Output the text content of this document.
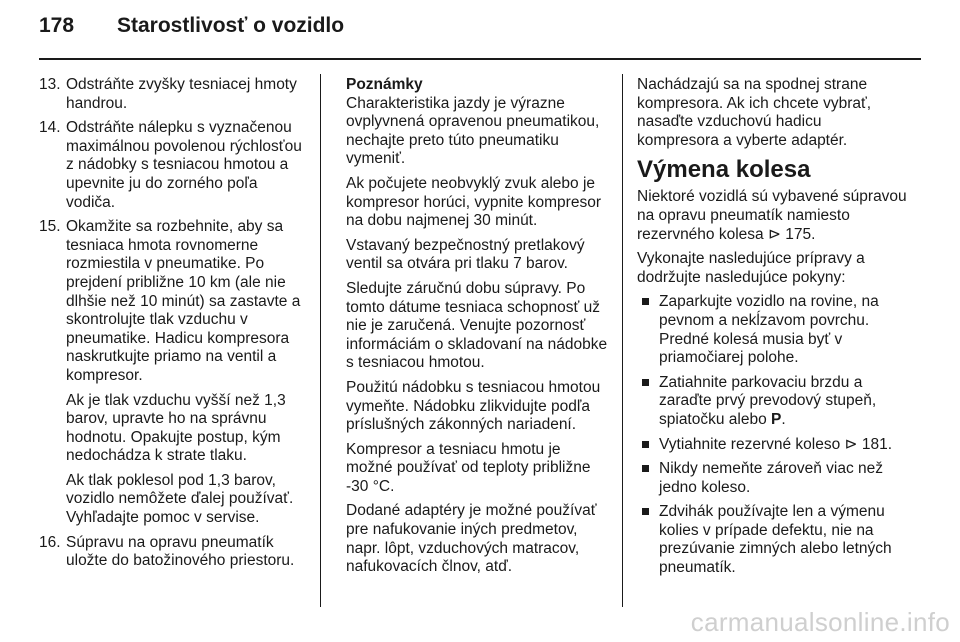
178	Starostlivosť o vozidlo
13. Odstráňte zvyšky tesniacej hmoty handrou.
14. Odstráňte nálepku s vyznačenou maximálnou povolenou rýchlosťou z nádobky s tesniacou hmotou a upevnite ju do zorného poľa vodiča.
15. Okamžite sa rozbehnite, aby sa tesniaca hmota rovnomerne rozmiestila v pneumatike. Po prejdení približne 10 km (ale nie dlhšie než 10 minút) sa zastavte a skontrolujte tlak vzduchu v pneumatike. Hadicu kompresora naskrutkujte priamo na ventil a kompresor.

Ak je tlak vzduchu vyšší než 1,3 barov, upravte ho na správnu hodnotu. Opakujte postup, kým nedochádza k strate tlaku.

Ak tlak poklesol pod 1,3 barov, vozidlo nemôžete ďalej používať. Vyhľadajte pomoc v servise.

16. Súpravu na opravu pneumatík uložte do batožinového priestoru.
Poznámky

Charakteristika jazdy je výrazne ovplyvnená opravenou pneumatikou, nechajte preto túto pneumatiku vymeniť.

Ak počujete neobvyklý zvuk alebo je kompresor horúci, vypnite kompresor na dobu najmenej 30 minút.

Vstavaný bezpečnostný pretlakový ventil sa otvára pri tlaku 7 barov.

Sledujte záručnú dobu súpravy. Po tomto dátume tesniaca schopnosť už nie je zaručená. Venujte pozornosť informáciám o skladovaní na nádobke s tesniacou hmotou.

Použitú nádobku s tesniacou hmotou vymeňte. Nádobku zlikvidujte podľa príslušných zákonných nariadení.

Kompresor a tesniacu hmotu je možné používať od teploty približne -30 °C.

Dodané adaptéry je možné používať pre nafukovanie iných predmetov, napr. lôpt, vzduchových matracov, nafukovacích člnov, atď.

Nachádzajú sa na spodnej strane kompresora. Ak ich chcete vybrať, nasaďte vzduchovú hadicu kompresora a vyberte adaptér.

Výmena kolesa

Niektoré vozidlá sú vybavené súpravou na opravu pneumatík namiesto rezervného kolesa ⊳ 175.

Vykonajte nasledujúce prípravy a dodržujte nasledujúce pokyny:

Zaparkujte vozidlo na rovine, na pevnom a nekĺzavom povrchu. Predné kolesá musia byť v priamočiarej polohe.
Zatiahnite parkovaciu brzdu a zaraďte prvý prevodový stupeň, spiatočku alebo P.
Vytiahnite rezervné koleso ⊳ 181.
Nikdy nemeňte zároveň viac než jedno koleso.
Zdvihák používajte len a výmenu kolies v prípade defektu, nie na prezúvanie zimných alebo letných pneumatík.
carmanualsonline.info
